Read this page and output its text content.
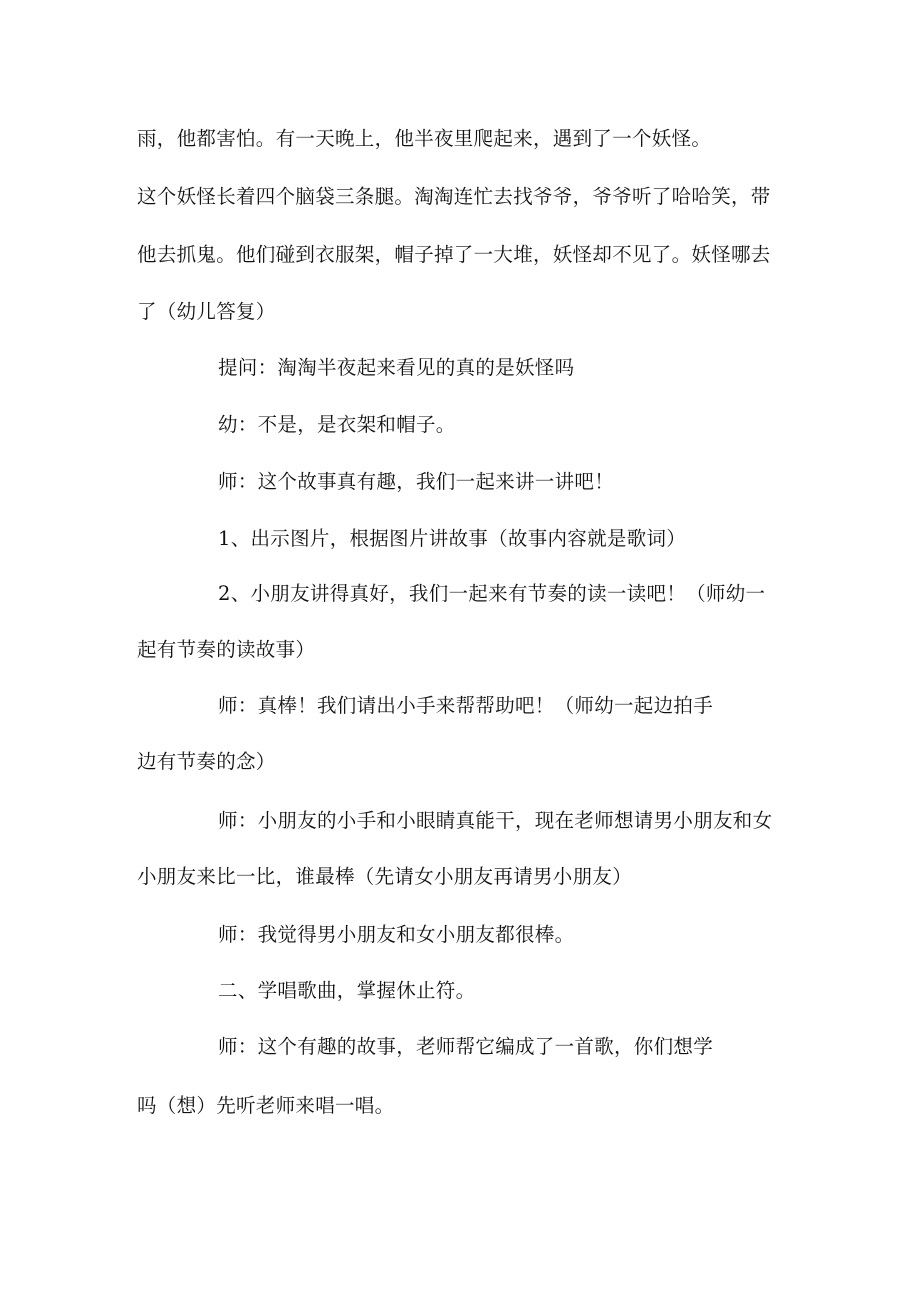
雨，他都害怕。有一天晚上，他半夜里爬起来，遇到了一个妖怪。
这个妖怪长着四个脑袋三条腿。淘淘连忙去找爷爷，爷爷听了哈哈笑，带
他去抓鬼。他们碰到衣服架，帽子掉了一大堆，妖怪却不见了。妖怪哪去
了（幼儿答复）
提问：淘淘半夜起来看见的真的是妖怪吗
幼：不是，是衣架和帽子。
师：这个故事真有趣，我们一起来讲一讲吧！
1、出示图片，根据图片讲故事（故事内容就是歌词）
2、小朋友讲得真好，我们一起来有节奏的读一读吧！（师幼一
起有节奏的读故事）
师：真棒！我们请出小手来帮帮助吧！（师幼一起边拍手
边有节奏的念）
师：小朋友的小手和小眼睛真能干，现在老师想请男小朋友和女
小朋友来比一比，谁最棒（先请女小朋友再请男小朋友）
师：我觉得男小朋友和女小朋友都很棒。
二、学唱歌曲，掌握休止符。
师：这个有趣的故事，老师帮它编成了一首歌，你们想学
吗（想）先听老师来唱一唱。
